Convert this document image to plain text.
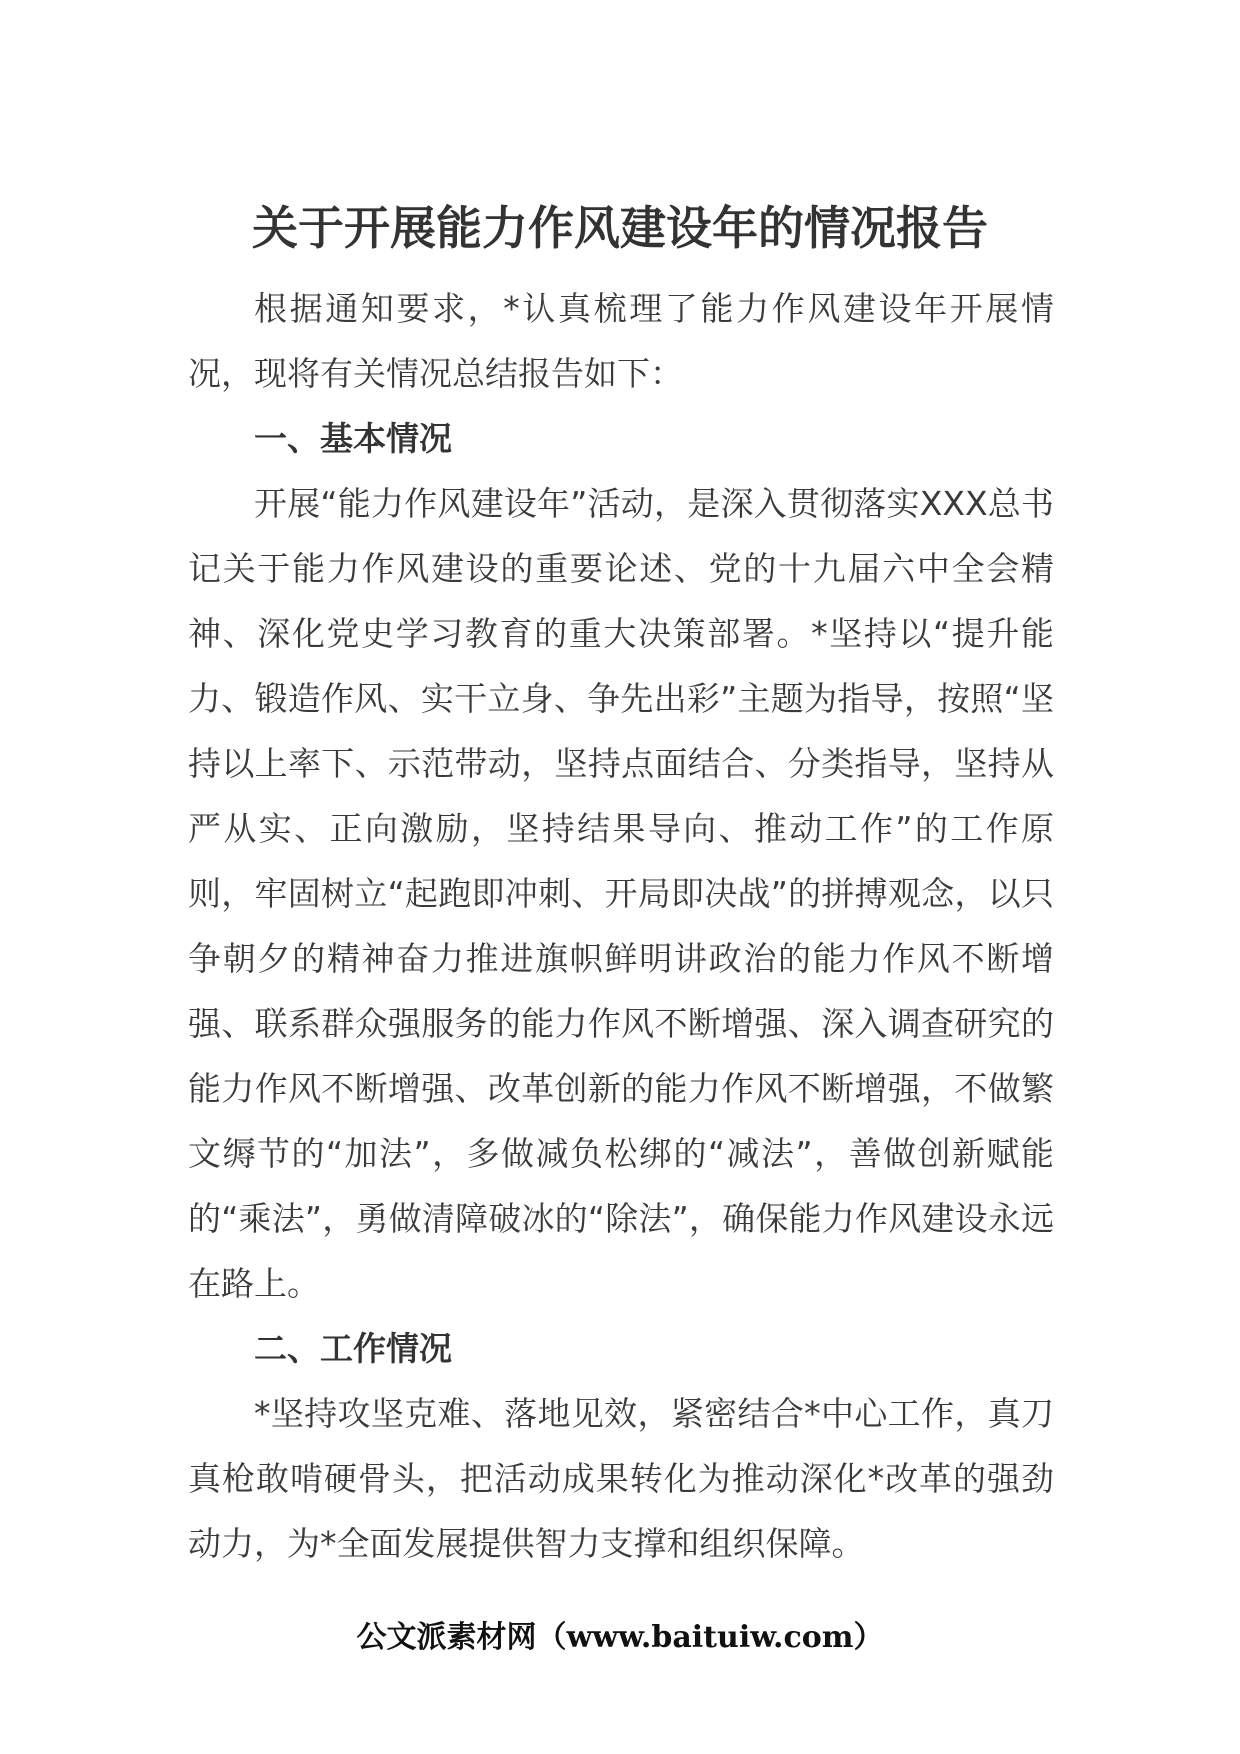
关于开展能力作风建设年的情况报告

根据通知要求，*认真梳理了能力作风建设年开展情况，现将有关情况总结报告如下：

一、基本情况

开展“能力作风建设年”活动，是深入贯彻落实XXX总书记关于能力作风建设的重要论述、党的十九届六中全会精神、深化党史学习教育的重大决策部署。*坚持以“提升能力、锻造作风、实干立身、争先出彩”主题为指导，按照“坚持以上率下、示范带动，坚持点面结合、分类指导，坚持从严从实、正向激励，坚持结果导向、推动工作”的工作原则，牢固树立“起跑即冲刺、开局即决战”的拼搏观念，以只争朝夕的精神奋力推进旗帜鲜明讲政治的能力作风不断增强、联系群众强服务的能力作风不断增强、深入调查研究的能力作风不断增强、改革创新的能力作风不断增强，不做繁文缛节的“加法”，多做减负松绑的“减法”，善做创新赋能的“乘法”，勇做清障破冰的“除法”，确保能力作风建设永远在路上。

二、工作情况

*坚持攻坚克难、落地见效，紧密结合*中心工作，真刀真枪敢啃硬骨头，把活动成果转化为推动深化*改革的强劲动力，为*全面发展提供智力支撑和组织保障。

公文派素材网（www.baituiw.com）
